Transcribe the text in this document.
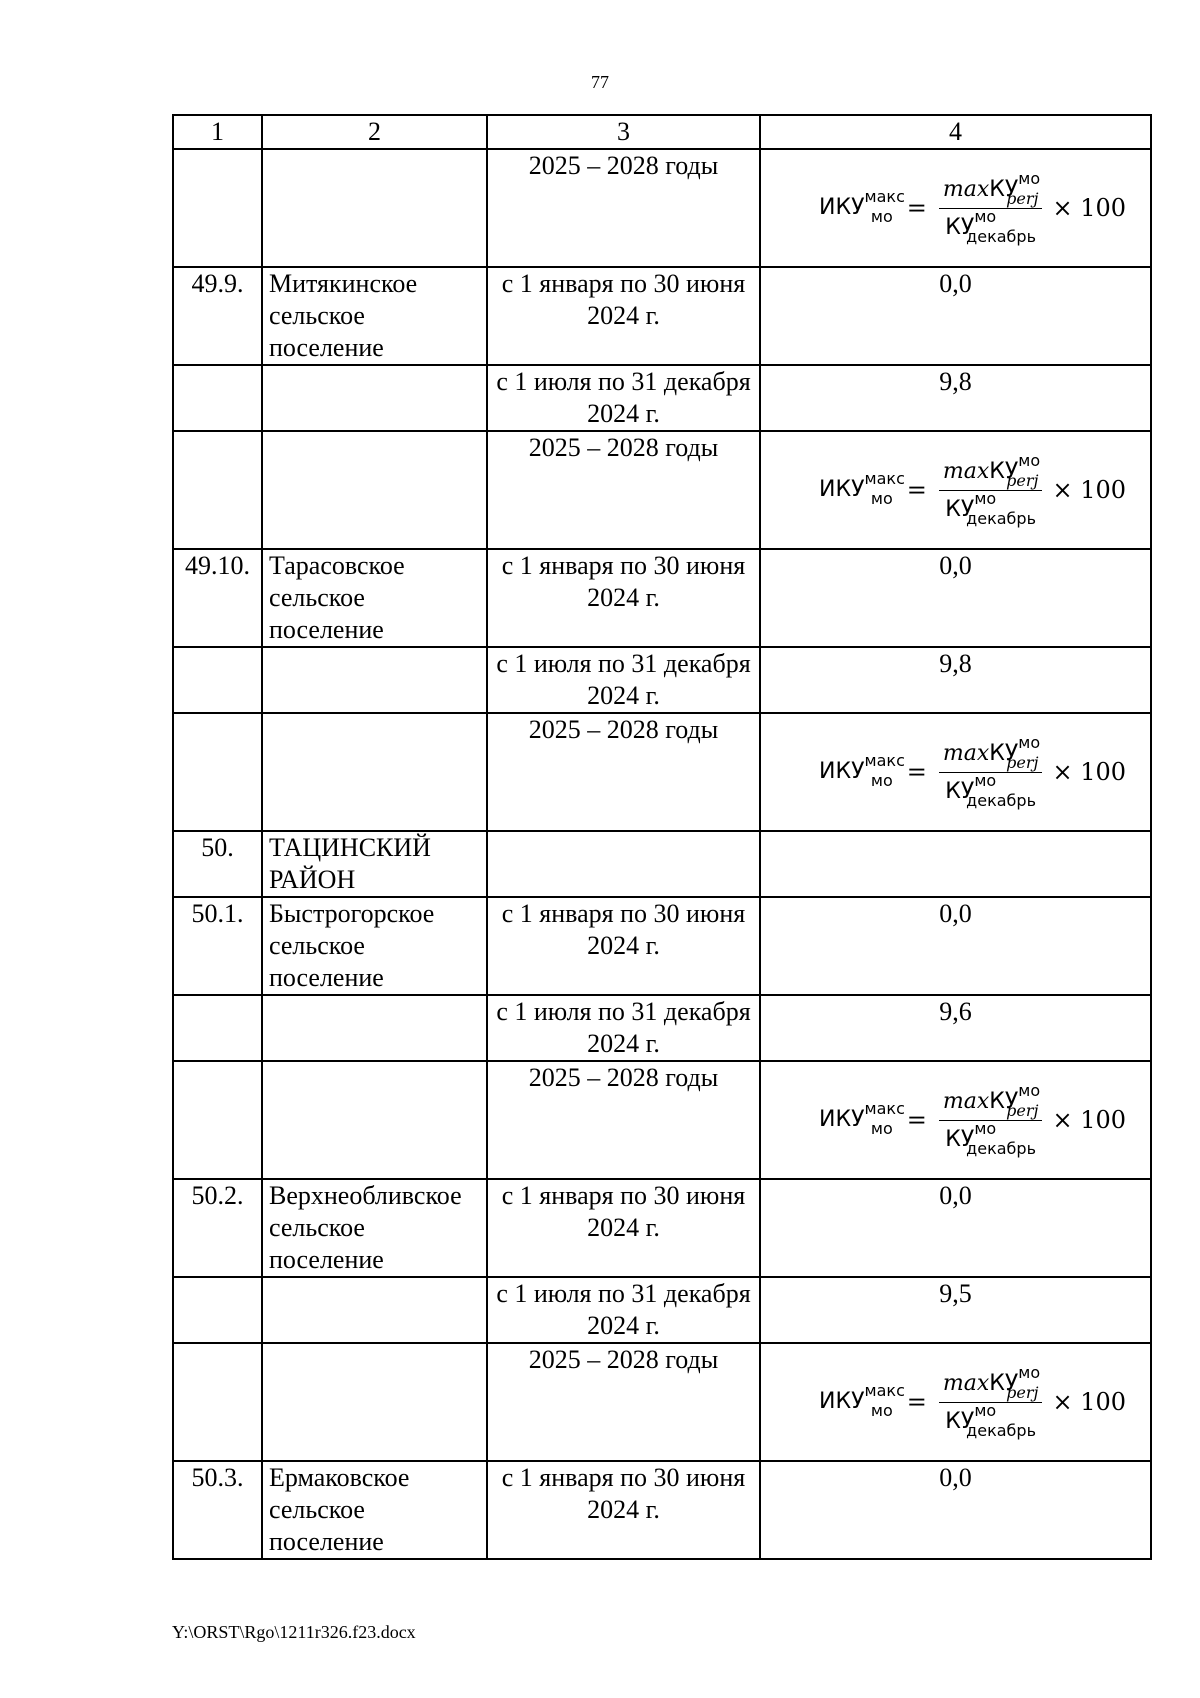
77
1	2	3	4
		2025 – 2028 годы	$ИКУ^{макс}_{мо} = \frac{\max КУ^{мо}_{perj}}{КУ^{мо}_{декабрь}} \times 100$

49.9.	Митякинское сельское поселение	с 1 января по 30 июня 2024 г.	0,0
		с 1 июля по 31 декабря 2024 г.	9,8
		2025 – 2028 годы	$ИКУ^{макс}_{мо} = \frac{\max КУ^{мо}_{perj}}{КУ^{мо}_{декабрь}} \times 100$

49.10.	Тарасовское сельское поселение	с 1 января по 30 июня 2024 г.	0,0
		с 1 июля по 31 декабря 2024 г.	9,8
		2025 – 2028 годы	$ИКУ^{макс}_{мо} = \frac{\max КУ^{мо}_{perj}}{КУ^{мо}_{декабрь}} \times 100$

50.	ТАЦИНСКИЙ РАЙОН		
50.1.	Быстрогорское сельское поселение	с 1 января по 30 июня 2024 г.	0,0
		с 1 июля по 31 декабря 2024 г.	9,6
		2025 – 2028 годы	$ИКУ^{макс}_{мо} = \frac{\max КУ^{мо}_{perj}}{КУ^{мо}_{декабрь}} \times 100$

50.2.	Верхнеобливское сельское поселение	с 1 января по 30 июня 2024 г.	0,0
		с 1 июля по 31 декабря 2024 г.	9,5
		2025 – 2028 годы	$ИКУ^{макс}_{мо} = \frac{\max КУ^{мо}_{perj}}{КУ^{мо}_{декабрь}} \times 100$

50.3.	Ермаковское сельское поселение	с 1 января по 30 июня 2024 г.	0,0
Y:\ORST\Rgo\1211r326.f23.docx
